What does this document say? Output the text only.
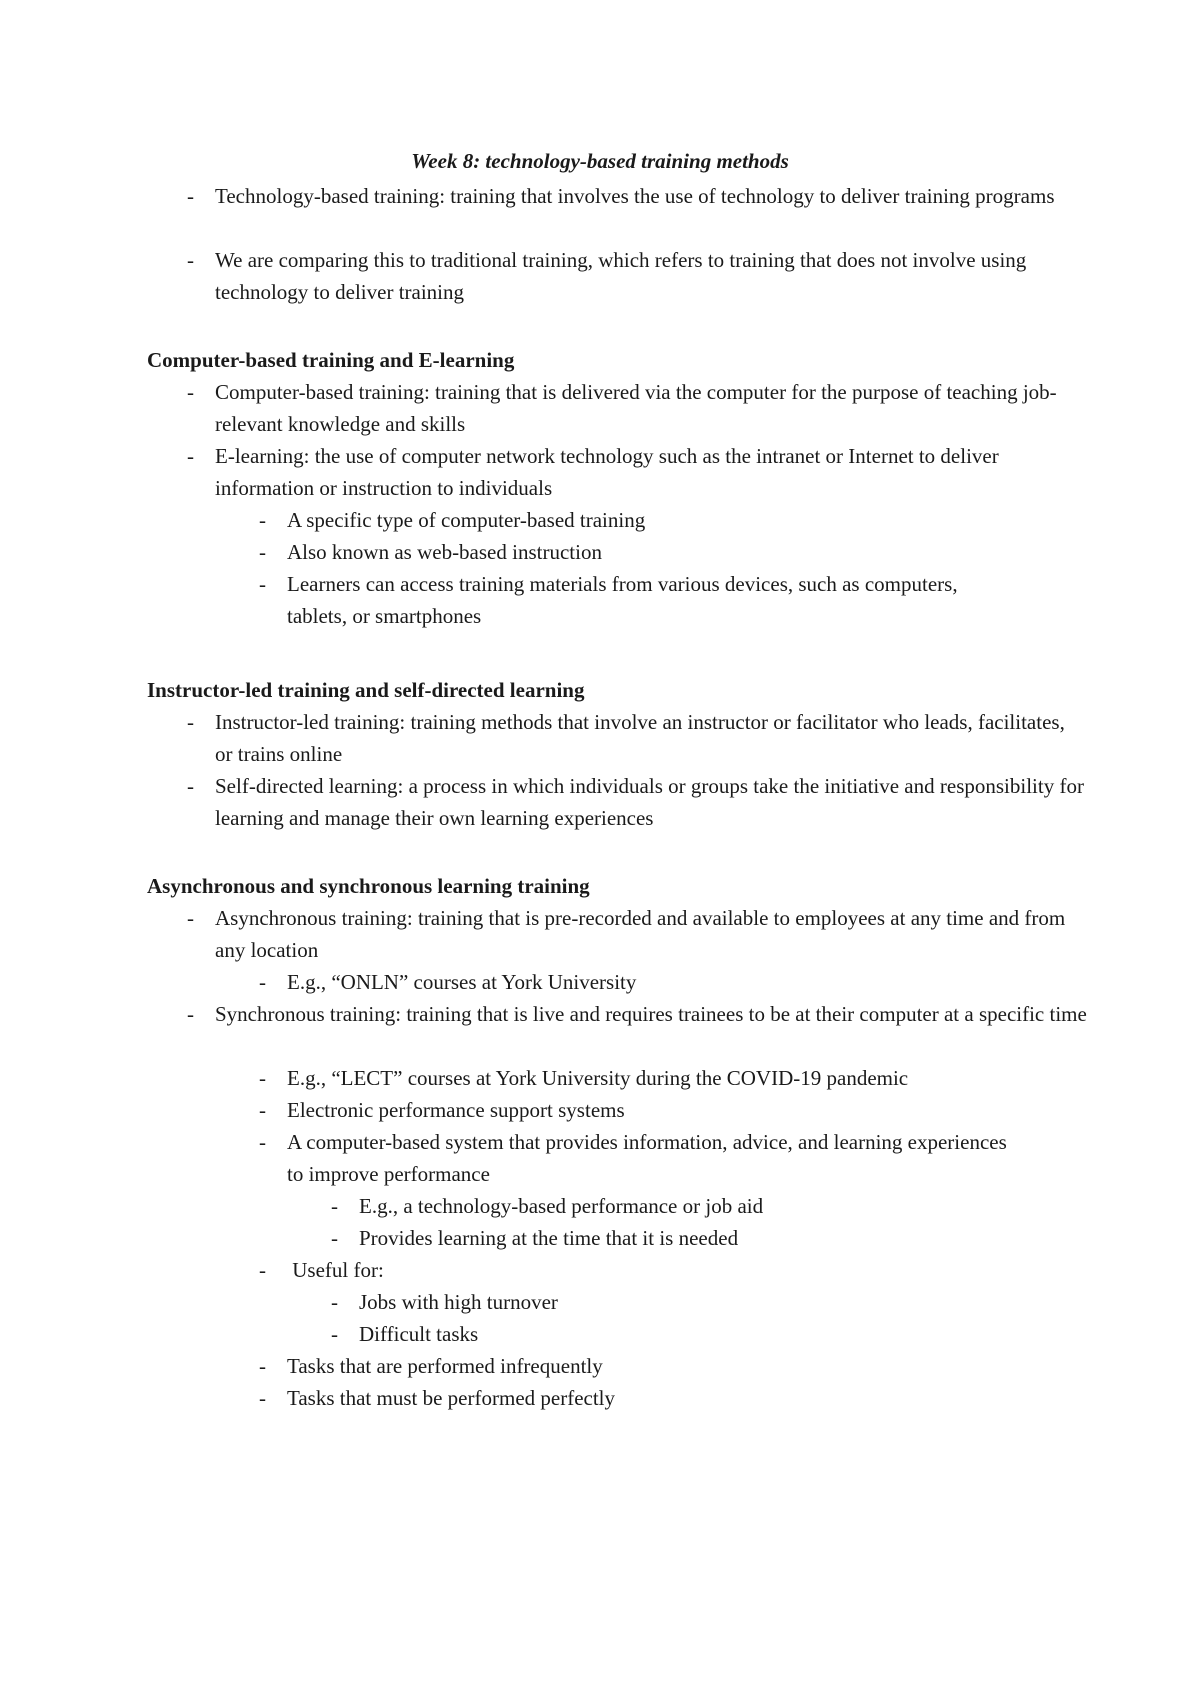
Week 8: technology-based training methods
-	Technology-based training: training that involves the use of technology to deliver training programs
-	We are comparing this to traditional training, which refers to training that does not involve using technology to deliver training
Computer-based training and E-learning
-	Computer-based training: training that is delivered via the computer for the purpose of teaching job-relevant knowledge and skills
-	E-learning: the use of computer network technology such as the intranet or Internet to deliver information or instruction to individuals
-	A specific type of computer-based training
-	Also known as web-based instruction
-	Learners can access training materials from various devices, such as computers, tablets, or smartphones
Instructor-led training and self-directed learning
-	Instructor-led training: training methods that involve an instructor or facilitator who leads, facilitates, or trains online
-	Self-directed learning: a process in which individuals or groups take the initiative and responsibility for learning and manage their own learning experiences
Asynchronous and synchronous learning training
-	Asynchronous training: training that is pre-recorded and available to employees at any time and from any location
-	E.g., “ONLN” courses at York University
-	Synchronous training: training that is live and requires trainees to be at their computer at a specific time
-	E.g., “LECT” courses at York University during the COVID-19 pandemic
-	Electronic performance support systems
-	A computer-based system that provides information, advice, and learning experiences to improve performance
-	E.g., a technology-based performance or job aid
-	Provides learning at the time that it is needed
-	Useful for:
-	Jobs with high turnover
-	Difficult tasks
-	Tasks that are performed infrequently
-	Tasks that must be performed perfectly
